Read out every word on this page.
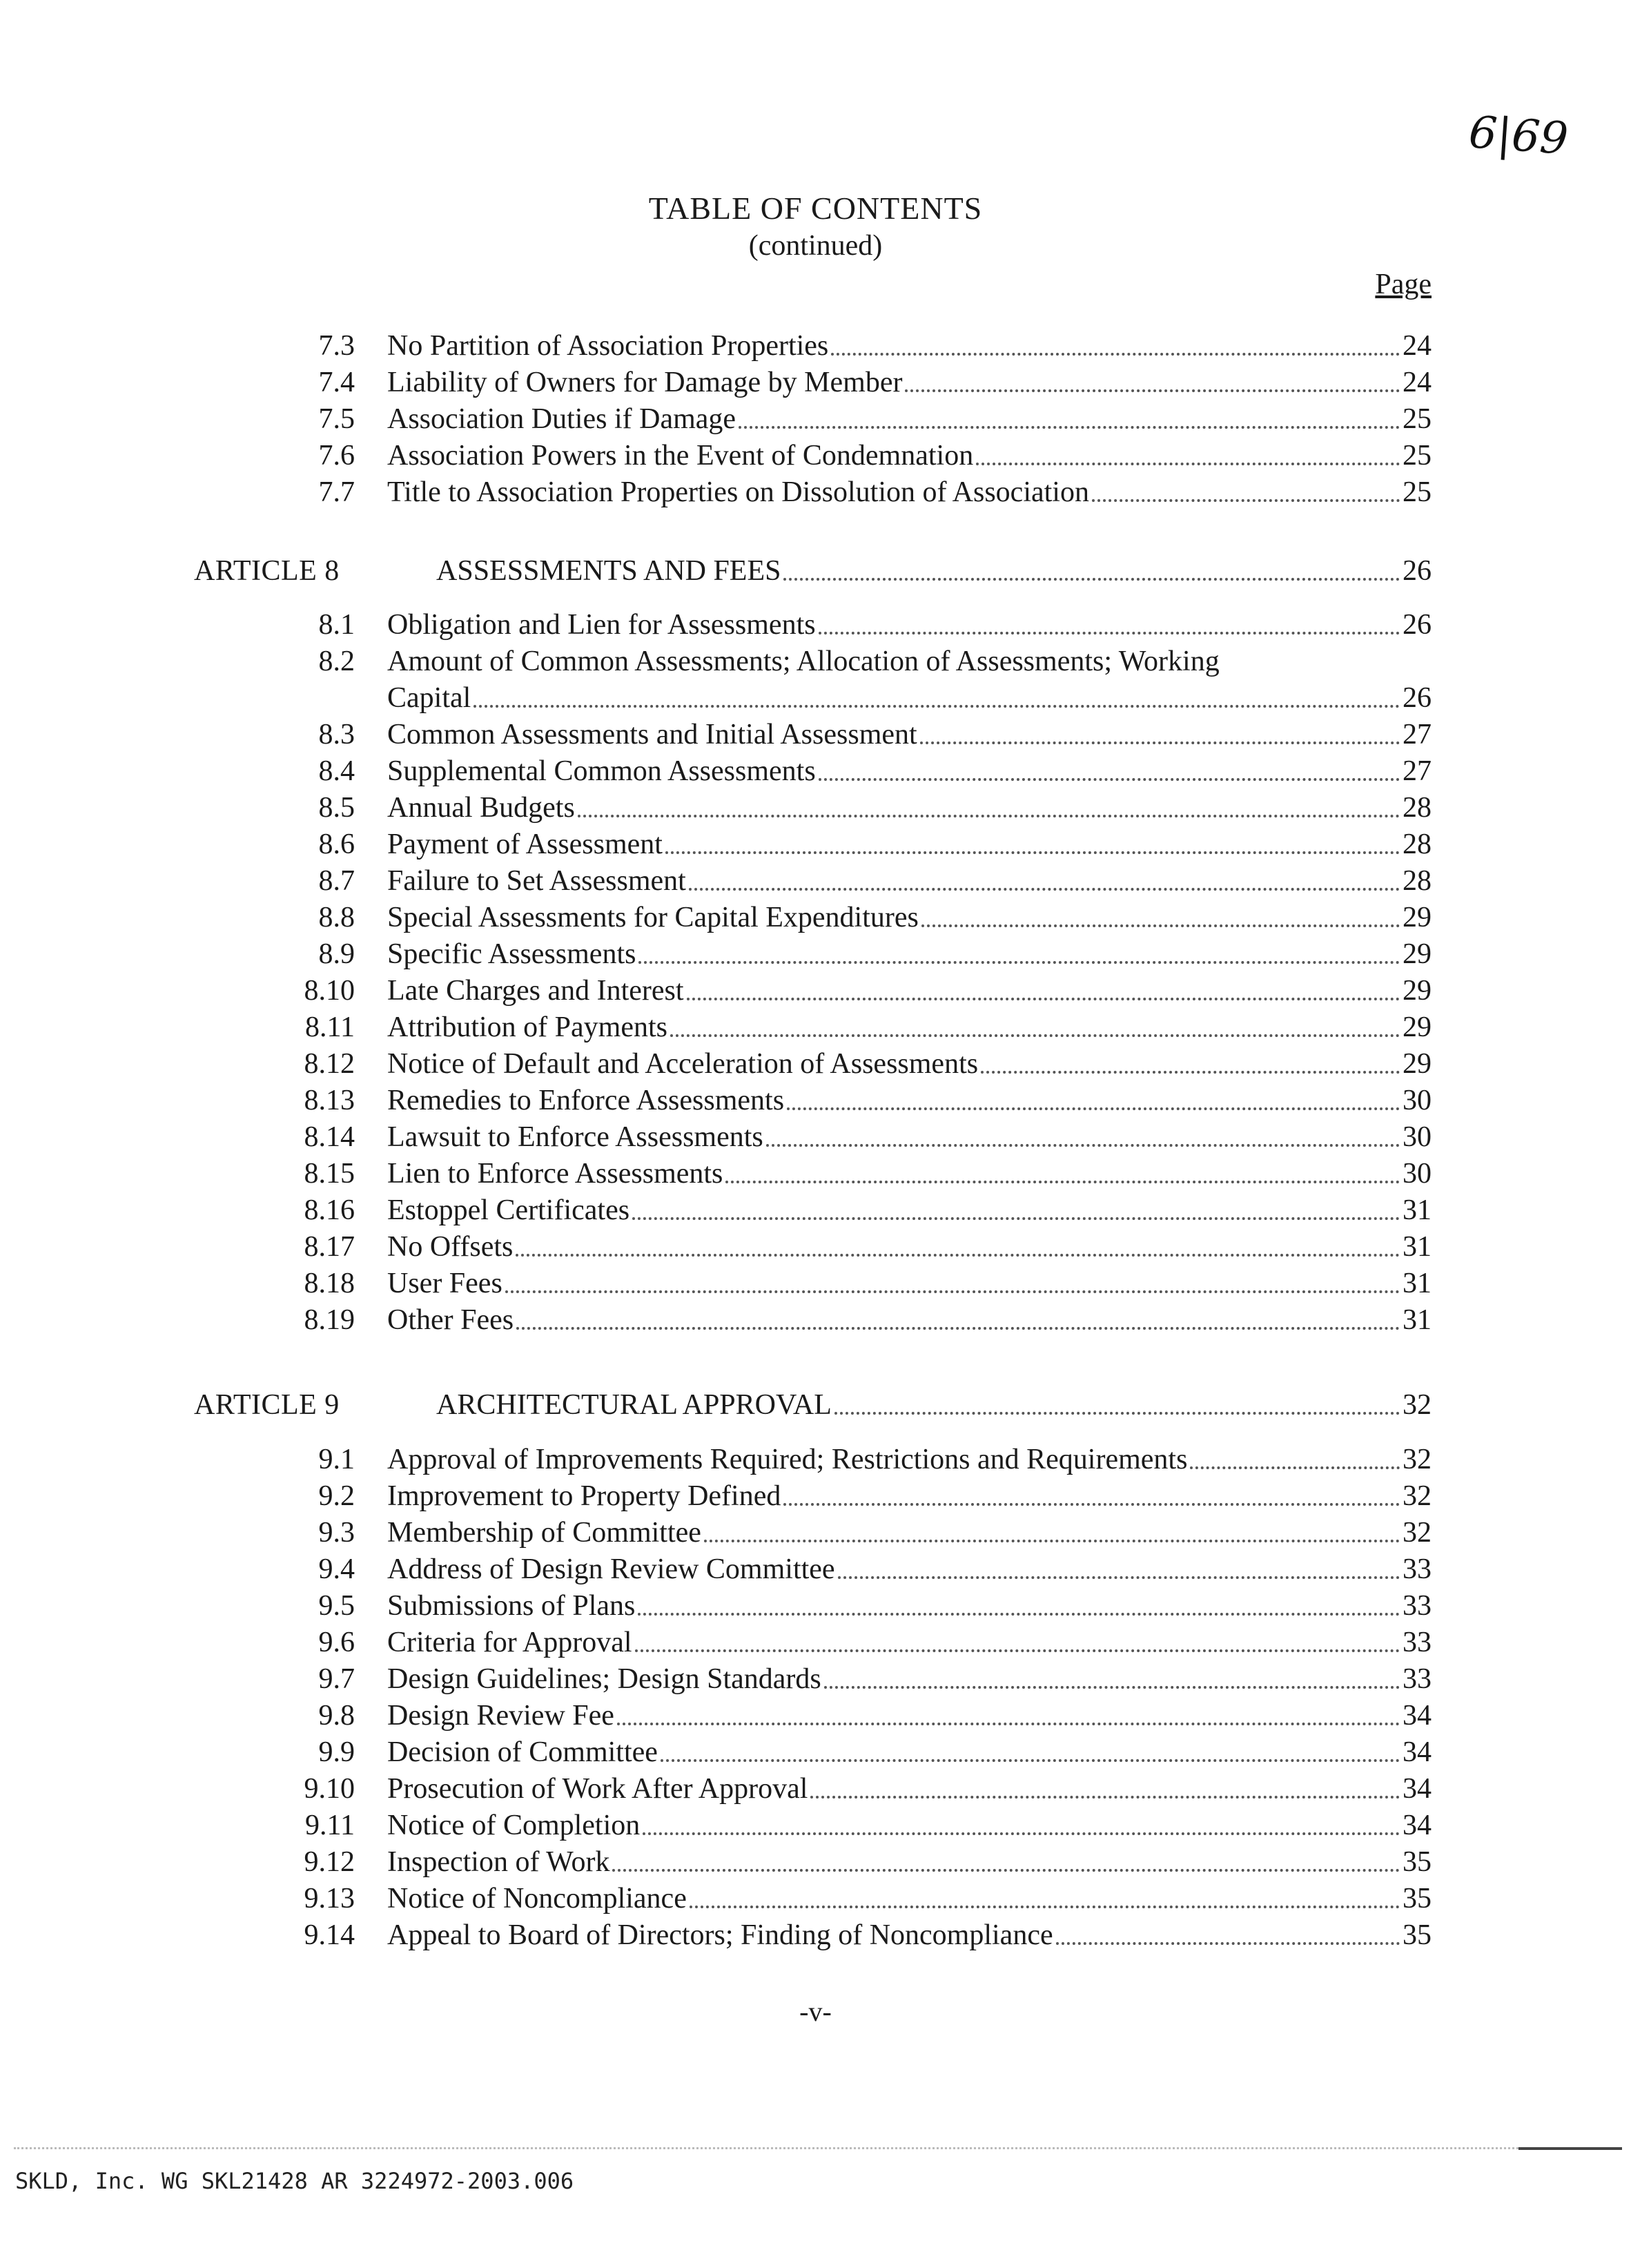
6|69
TABLE OF CONTENTS
(continued)
Page
7.3 No Partition of Association Properties	24
7.4 Liability of Owners for Damage by Member	24
7.5 Association Duties if Damage	25
7.6 Association Powers in the Event of Condemnation	25
7.7 Title to Association Properties on Dissolution of Association	25
ARTICLE 8	ASSESSMENTS AND FEES	26
8.1 Obligation and Lien for Assessments	26
8.2 Amount of Common Assessments; Allocation of Assessments; Working
Capital	26
8.3 Common Assessments and Initial Assessment	27
8.4 Supplemental Common Assessments	27
8.5 Annual Budgets	28
8.6 Payment of Assessment	28
8.7 Failure to Set Assessment	28
8.8 Special Assessments for Capital Expenditures	29
8.9 Specific Assessments	29
8.10 Late Charges and Interest	29
8.11 Attribution of Payments	29
8.12 Notice of Default and Acceleration of Assessments	29
8.13 Remedies to Enforce Assessments	30
8.14 Lawsuit to Enforce Assessments	30
8.15 Lien to Enforce Assessments	30
8.16 Estoppel Certificates	31
8.17 No Offsets	31
8.18 User Fees	31
8.19 Other Fees	31
ARTICLE 9	ARCHITECTURAL APPROVAL	32
9.1 Approval of Improvements Required; Restrictions and Requirements	32
9.2 Improvement to Property Defined	32
9.3 Membership of Committee	32
9.4 Address of Design Review Committee	33
9.5 Submissions of Plans	33
9.6 Criteria for Approval	33
9.7 Design Guidelines; Design Standards	33
9.8 Design Review Fee	34
9.9 Decision of Committee	34
9.10 Prosecution of Work After Approval	34
9.11 Notice of Completion	34
9.12 Inspection of Work	35
9.13 Notice of Noncompliance	35
9.14 Appeal to Board of Directors; Finding of Noncompliance	35
-v-
SKLD, Inc. WG SKL21428 AR 3224972-2003.006
